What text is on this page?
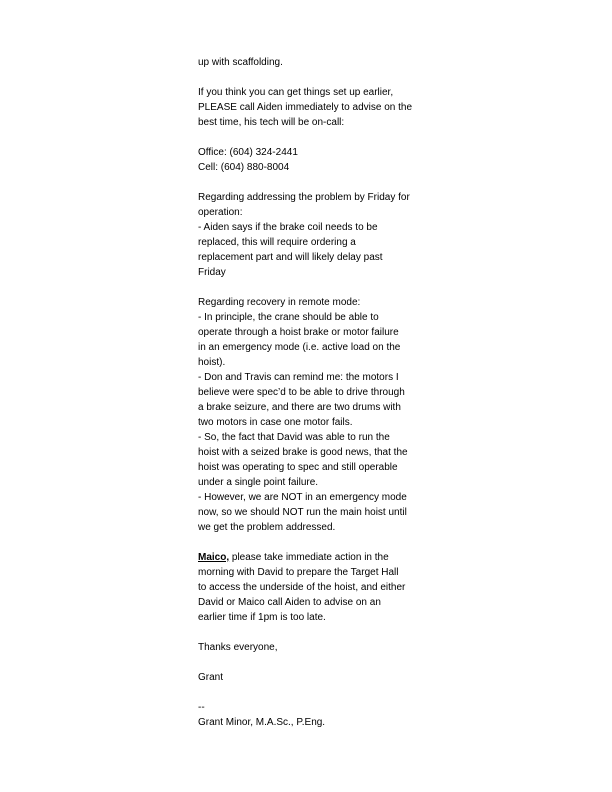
up with scaffolding.

If you think you can get things set up earlier,
PLEASE call Aiden immediately to advise on the
best time, his tech will be on-call:

Office: (604) 324-2441
Cell: (604) 880-8004

Regarding addressing the problem by Friday for
operation:
- Aiden says if the brake coil needs to be
replaced, this will require ordering a
replacement part and will likely delay past
Friday

Regarding recovery in remote mode:
- In principle, the crane should be able to
operate through a hoist brake or motor failure
in an emergency mode (i.e. active load on the
hoist).
- Don and Travis can remind me: the motors I
believe were spec’d to be able to drive through
a brake seizure, and there are two drums with
two motors in case one motor fails.
- So, the fact that David was able to run the
hoist with a seized brake is good news, that the
hoist was operating to spec and still operable
under a single point failure.
- However, we are NOT in an emergency mode
now, so we should NOT run the main hoist until
we get the problem addressed.

Maico, please take immediate action in the
morning with David to prepare the Target Hall
to access the underside of the hoist, and either
David or Maico call Aiden to advise on an
earlier time if 1pm is too late.

Thanks everyone,

Grant

--
Grant Minor, M.A.Sc., P.Eng.
